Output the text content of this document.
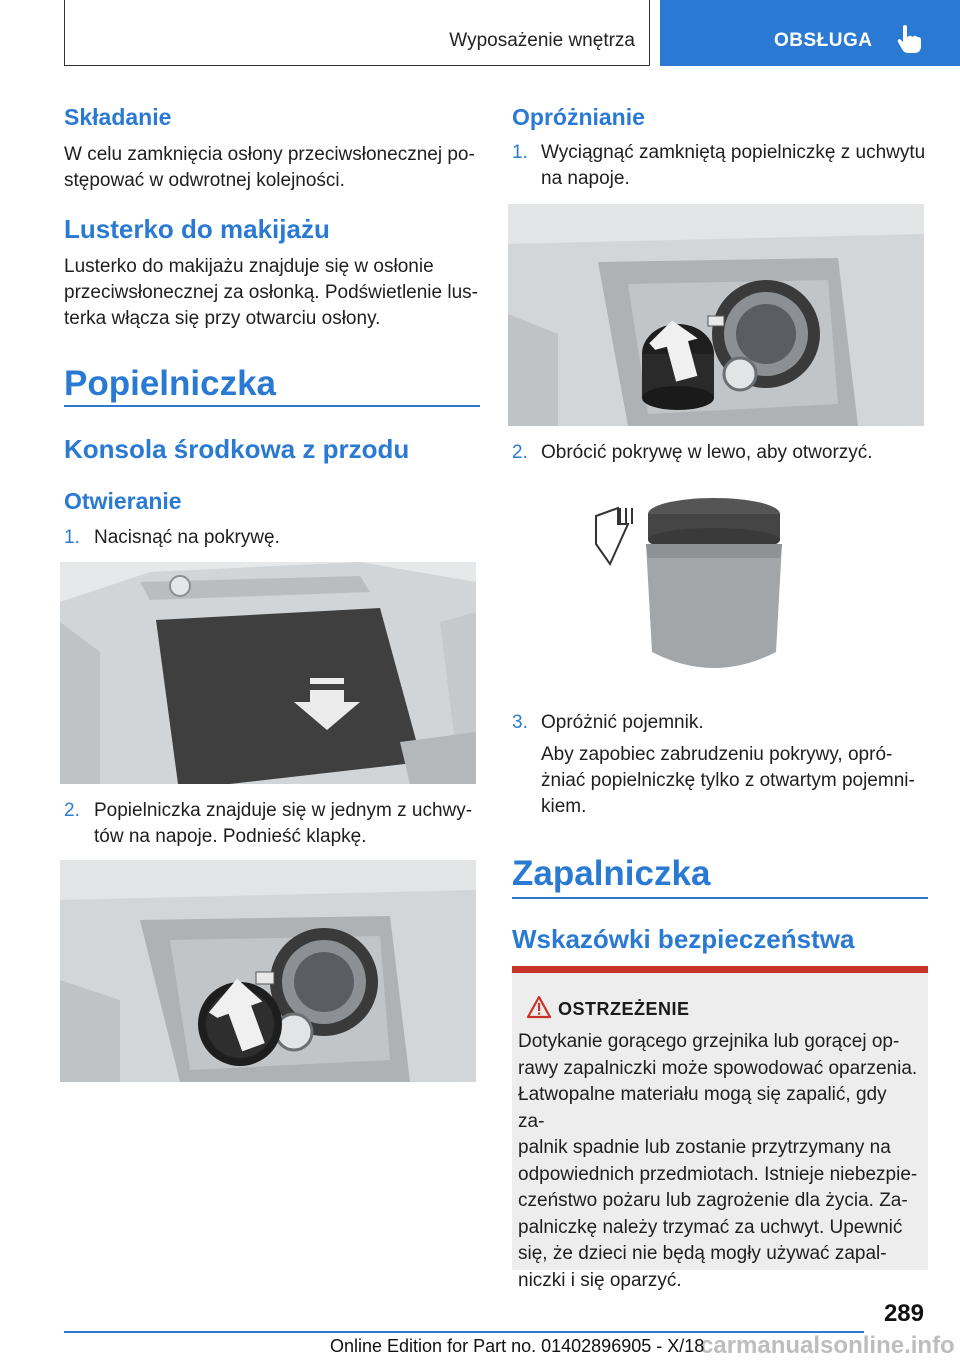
Wyposażenie wnętrza	OBSŁUGA
Składanie
W celu zamknięcia osłony przeciwsłonecznej po-
stępować w odwrotnej kolejności.
Lusterko do makijażu
Lusterko do makijażu znajduje się w osłonie
przeciwsłonecznej za osłonką. Podświetlenie lus-
terka włącza się przy otwarciu osłony.
Popielniczka
Konsola środkowa z przodu
Otwieranie
1. Nacisnąć na pokrywę.
2. Popielniczka znajduje się w jednym z uchwy-
tów na napoje. Podnieść klapkę.
Opróżnianie
1. Wyciągnąć zamkniętą popielniczkę z uchwytu
na napoje.
2. Obrócić pokrywę w lewo, aby otworzyć.
3. Opróżnić pojemnik.
Aby zapobiec zabrudzeniu pokrywy, opró-
żniać popielniczkę tylko z otwartym pojemni-
kiem.
Zapalniczka
Wskazówki bezpieczeństwa
OSTRZEŻENIE
Dotykanie gorącego grzejnika lub gorącej op-
rawy zapalniczki może spowodować oparzenia.
Łatwopalne materiału mogą się zapalić, gdy za-
palnik spadnie lub zostanie przytrzymany na
odpowiednich przedmiotach. Istnieje niebezpie-
czeństwo pożaru lub zagrożenie dla życia. Za-
palniczkę należy trzymać za uchwyt. Upewnić
się, że dzieci nie będą mogły używać zapal-
niczki i się oparzyć.
289
carmanualsonline.info
Online Edition for Part no. 01402896905 - X/18
